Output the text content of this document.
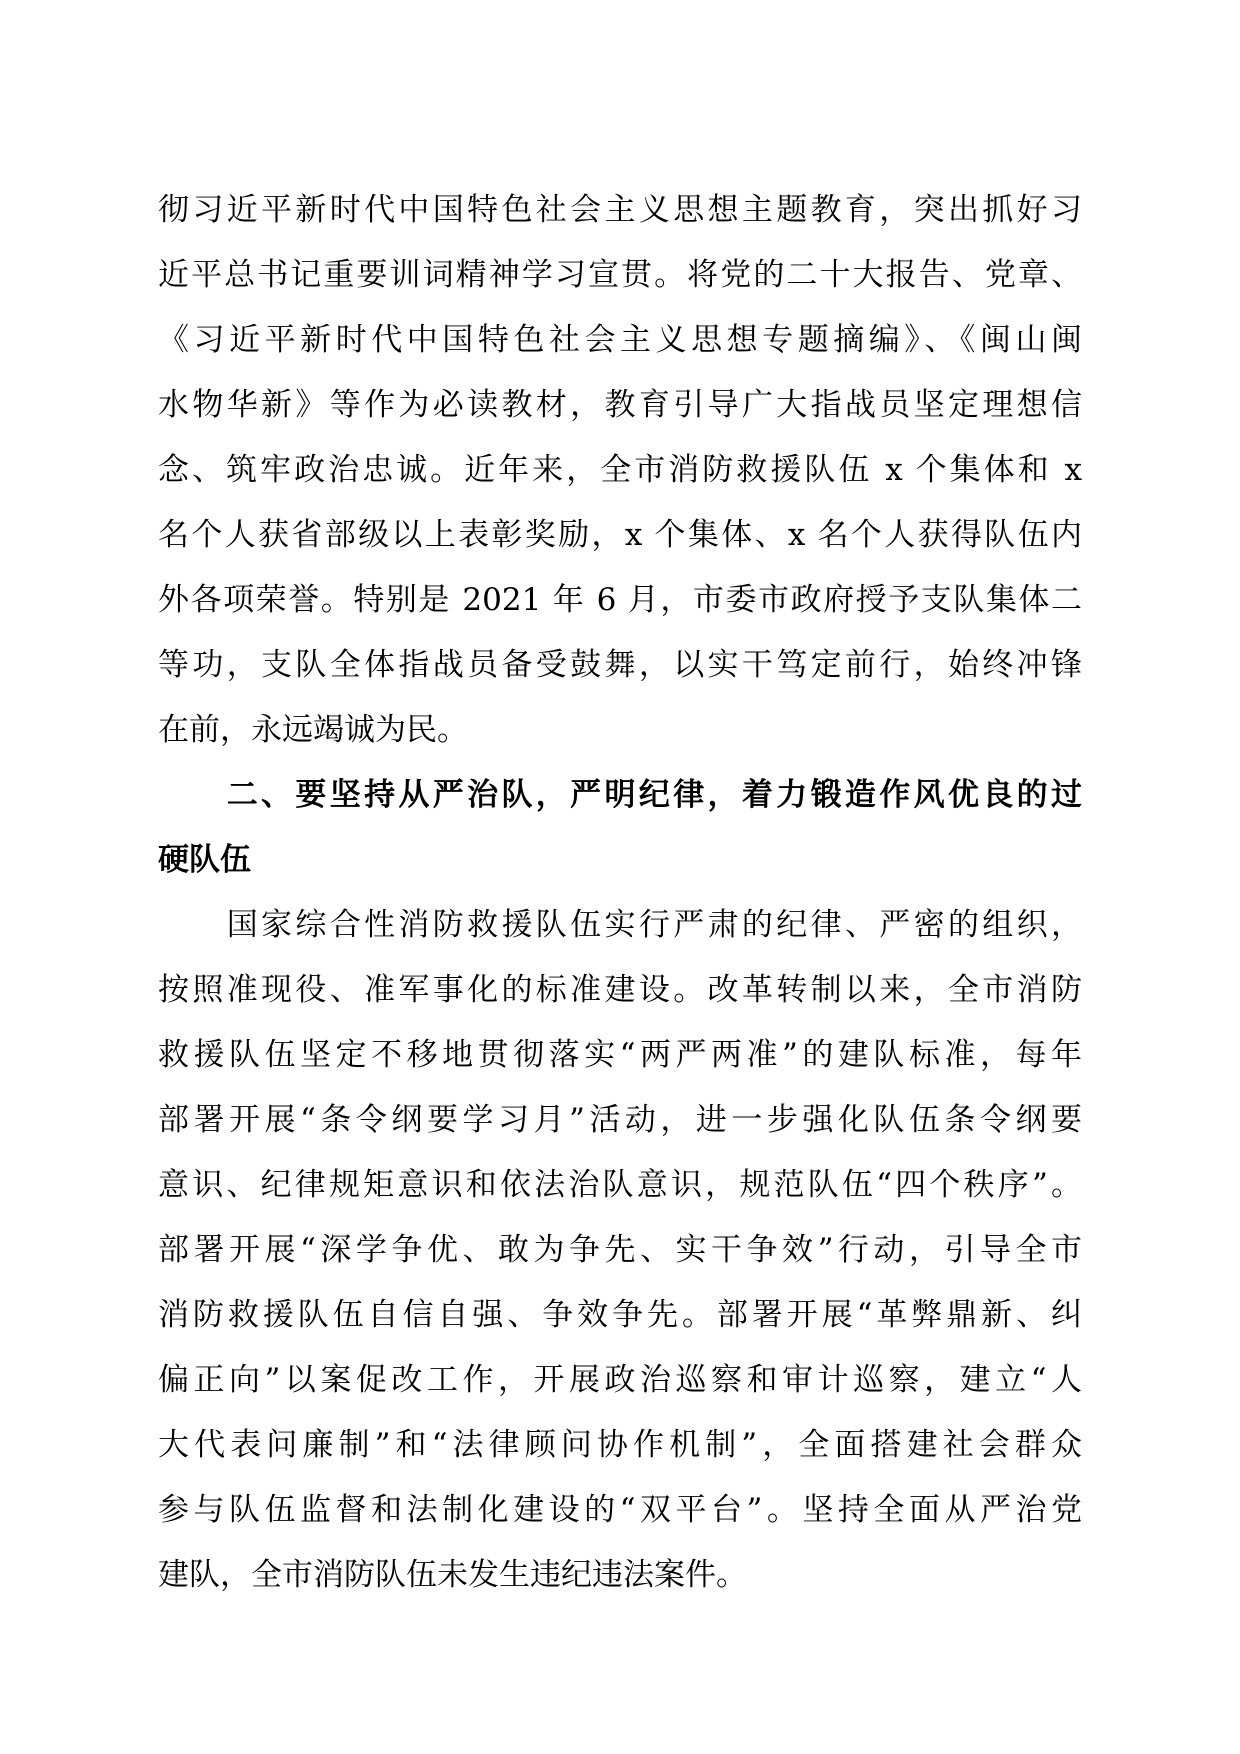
彻习近平新时代中国特色社会主义思想主题教育，突出抓好习
近平总书记重要训词精神学习宣贯。将党的二十大报告、党章、
《习近平新时代中国特色社会主义思想专题摘编》、《闽山闽
水物华新》等作为必读教材，教育引导广大指战员坚定理想信
念、筑牢政治忠诚。近年来，全市消防救援队伍 x 个集体和 x
名个人获省部级以上表彰奖励，x 个集体、x 名个人获得队伍内
外各项荣誉。特别是 2021 年 6 月，市委市政府授予支队集体二
等功，支队全体指战员备受鼓舞，以实干笃定前行，始终冲锋
在前，永远竭诚为民。
　　二、要坚持从严治队，严明纪律，着力锻造作风优良的过
硬队伍
　　国家综合性消防救援队伍实行严肃的纪律、严密的组织，
按照准现役、准军事化的标准建设。改革转制以来，全市消防
救援队伍坚定不移地贯彻落实“两严两准”的建队标准，每年
部署开展“条令纲要学习月”活动，进一步强化队伍条令纲要
意识、纪律规矩意识和依法治队意识，规范队伍“四个秩序”。
部署开展“深学争优、敢为争先、实干争效”行动，引导全市
消防救援队伍自信自强、争效争先。部署开展“革弊鼎新、纠
偏正向”以案促改工作，开展政治巡察和审计巡察，建立“人
大代表问廉制”和“法律顾问协作机制”，全面搭建社会群众
参与队伍监督和法制化建设的“双平台”。坚持全面从严治党
建队，全市消防队伍未发生违纪违法案件。
